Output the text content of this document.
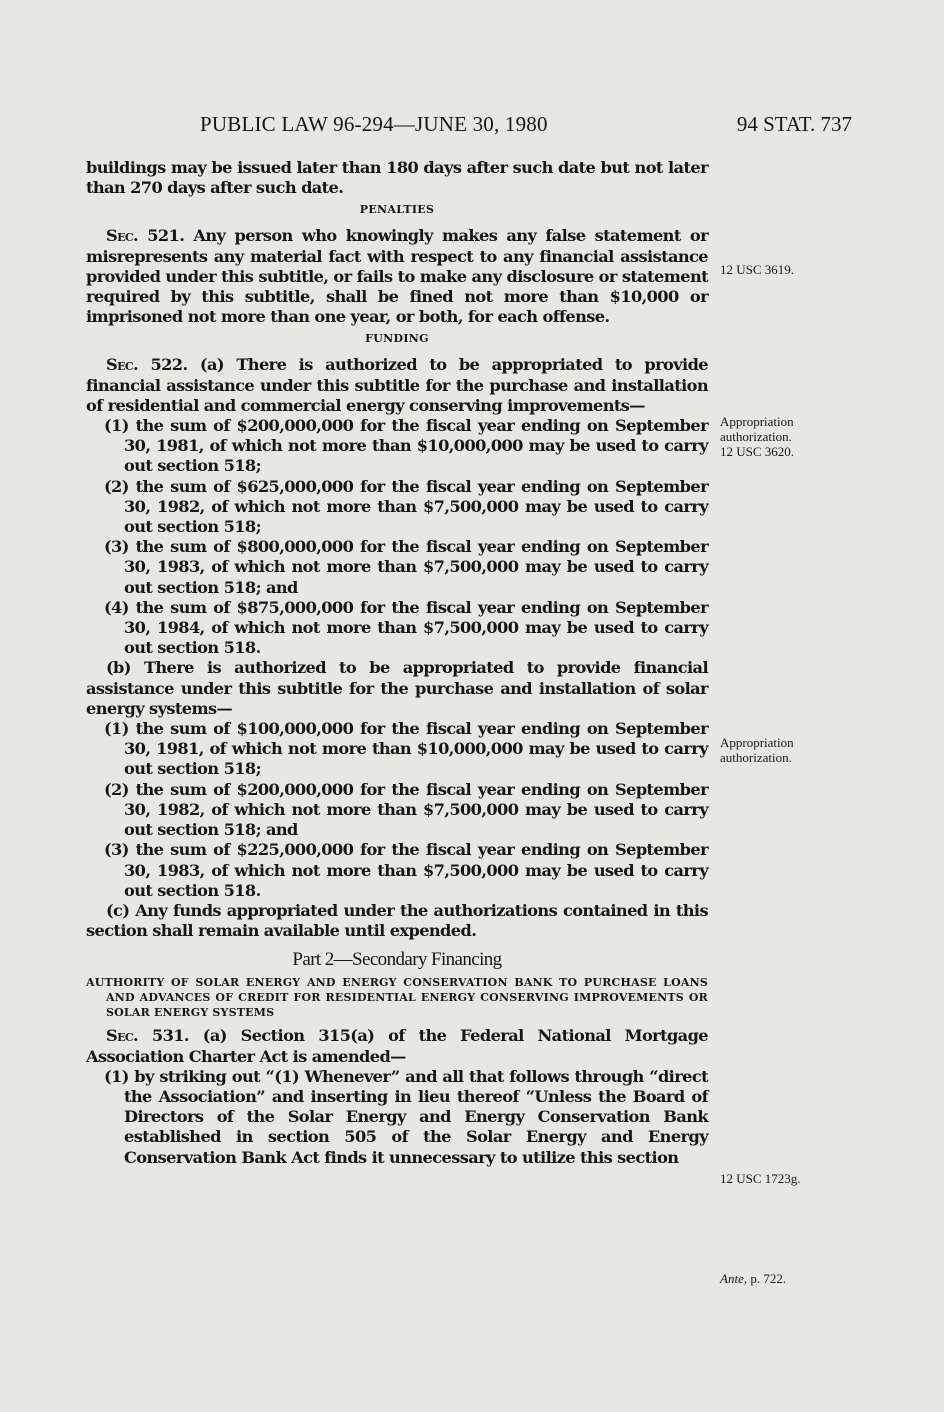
PUBLIC LAW 96-294—JUNE 30, 1980	94 STAT. 737

buildings may be issued later than 180 days after such date but not later than 270 days after such date.

PENALTIES

Sec. 521. Any person who knowingly makes any false statement or misrepresents any material fact with respect to any financial assistance provided under this subtitle, or fails to make any disclosure or statement required by this subtitle, shall be fined not more than $10,000 or imprisoned not more than one year, or both, for each offense.

FUNDING

Sec. 522. (a) There is authorized to be appropriated to provide financial assistance under this subtitle for the purchase and installation of residential and commercial energy conserving improvements—

(1) the sum of $200,000,000 for the fiscal year ending on September 30, 1981, of which not more than $10,000,000 may be used to carry out section 518;

(2) the sum of $625,000,000 for the fiscal year ending on September 30, 1982, of which not more than $7,500,000 may be used to carry out section 518;

(3) the sum of $800,000,000 for the fiscal year ending on September 30, 1983, of which not more than $7,500,000 may be used to carry out section 518; and

(4) the sum of $875,000,000 for the fiscal year ending on September 30, 1984, of which not more than $7,500,000 may be used to carry out section 518.

(b) There is authorized to be appropriated to provide financial assistance under this subtitle for the purchase and installation of solar energy systems—

(1) the sum of $100,000,000 for the fiscal year ending on September 30, 1981, of which not more than $10,000,000 may be used to carry out section 518;

(2) the sum of $200,000,000 for the fiscal year ending on September 30, 1982, of which not more than $7,500,000 may be used to carry out section 518; and

(3) the sum of $225,000,000 for the fiscal year ending on September 30, 1983, of which not more than $7,500,000 may be used to carry out section 518.

(c) Any funds appropriated under the authorizations contained in this section shall remain available until expended.

Part 2—Secondary Financing

AUTHORITY OF SOLAR ENERGY AND ENERGY CONSERVATION BANK TO PURCHASE LOANS AND ADVANCES OF CREDIT FOR RESIDENTIAL ENERGY CONSERVING IMPROVEMENTS OR SOLAR ENERGY SYSTEMS

Sec. 531. (a) Section 315(a) of the Federal National Mortgage Association Charter Act is amended—

(1) by striking out “(1) Whenever” and all that follows through “direct the Association” and inserting in lieu thereof “Unless the Board of Directors of the Solar Energy and Energy Conservation Bank established in section 505 of the Solar Energy and Energy Conservation Bank Act finds it unnecessary to utilize this section

12 USC 3619.
Appropriation
authorization.
12 USC 3620.
Appropriation
authorization.
12 USC 1723g.
Ante, p. 722.
